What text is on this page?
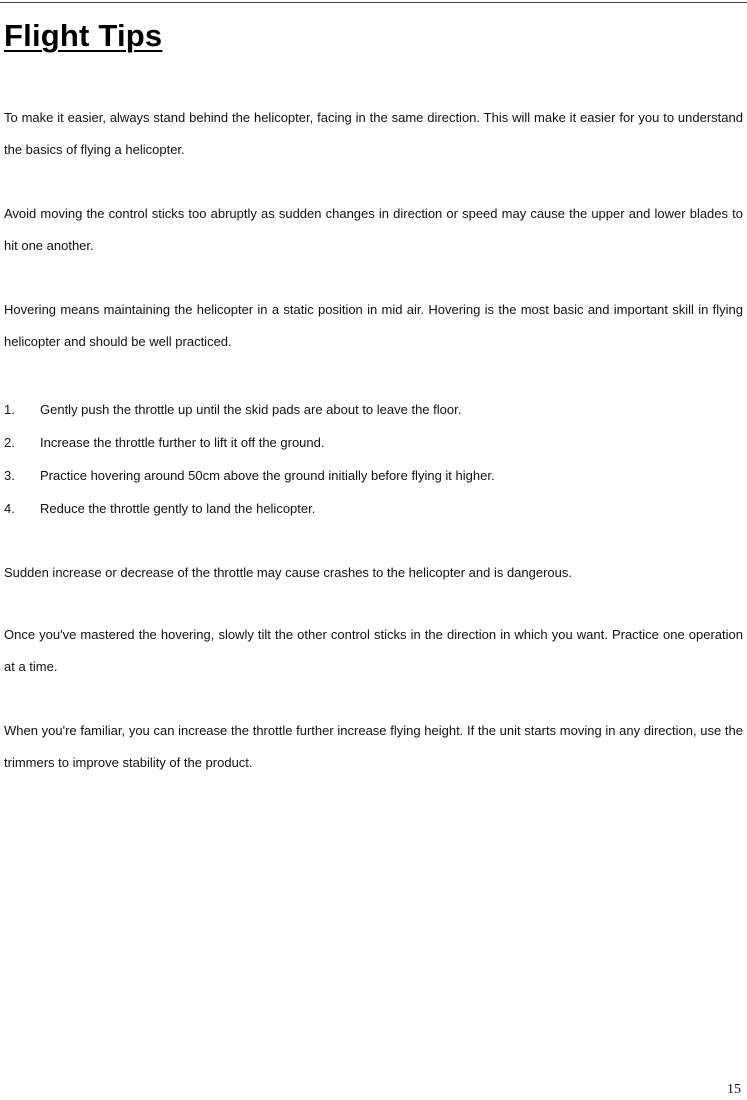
Flight Tips

To make it easier, always stand behind the helicopter, facing in the same direction. This will make it easier for you to understand the basics of flying a helicopter.

Avoid moving the control sticks too abruptly as sudden changes in direction or speed may cause the upper and lower blades to hit one another.

Hovering means maintaining the helicopter in a static position in mid air. Hovering is the most basic and important skill in flying helicopter and should be well practiced.

1.	Gently push the throttle up until the skid pads are about to leave the floor.
2.	Increase the throttle further to lift it off the ground.
3.	Practice hovering around 50cm above the ground initially before flying it higher.
4.	Reduce the throttle gently to land the helicopter.

Sudden increase or decrease of the throttle may cause crashes to the helicopter and is dangerous.

Once you've mastered the hovering, slowly tilt the other control sticks in the direction in which you want. Practice one operation at a time.

When you're familiar, you can increase the throttle further increase flying height. If the unit starts moving in any direction, use the trimmers to improve stability of the product.

15
